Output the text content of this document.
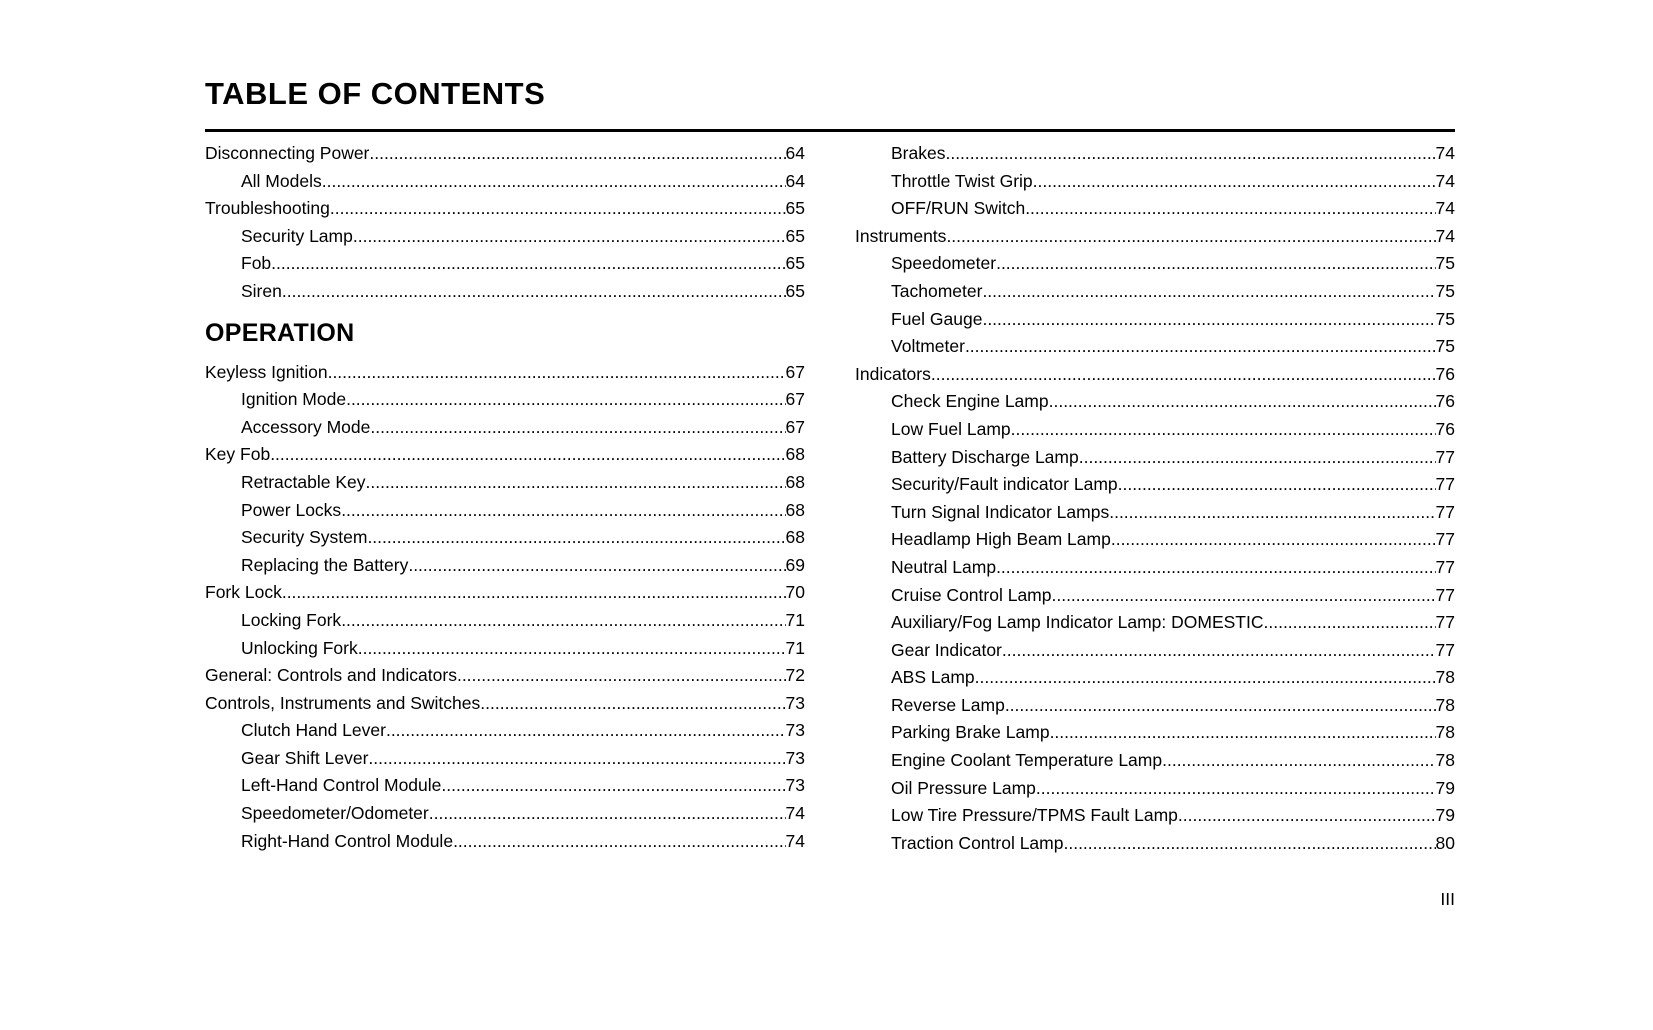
TABLE OF CONTENTS
Disconnecting Power .....	64
All Models .....	64
Troubleshooting .....	65
Security Lamp .....	65
Fob .....	65
Siren .....	65
OPERATION
Keyless Ignition .....	67
Ignition Mode .....	67
Accessory Mode .....	67
Key Fob .....	68
Retractable Key .....	68
Power Locks .....	68
Security System .....	68
Replacing the Battery .....	69
Fork Lock .....	70
Locking Fork .....	71
Unlocking Fork .....	71
General: Controls and Indicators .....	72
Controls, Instruments and Switches .....	73
Clutch Hand Lever .....	73
Gear Shift Lever .....	73
Left-Hand Control Module .....	73
Speedometer/Odometer .....	74
Right-Hand Control Module .....	74
Brakes .....	74
Throttle Twist Grip .....	74
OFF/RUN Switch .....	74
Instruments .....	74
Speedometer .....	75
Tachometer .....	75
Fuel Gauge .....	75
Voltmeter .....	75
Indicators .....	76
Check Engine Lamp .....	76
Low Fuel Lamp .....	76
Battery Discharge Lamp .....	77
Security/Fault indicator Lamp .....	77
Turn Signal Indicator Lamps .....	77
Headlamp High Beam Lamp .....	77
Neutral Lamp .....	77
Cruise Control Lamp .....	77
Auxiliary/Fog Lamp Indicator Lamp: DOMESTIC .....	77
Gear Indicator .....	77
ABS Lamp .....	78
Reverse Lamp .....	78
Parking Brake Lamp .....	78
Engine Coolant Temperature Lamp .....	78
Oil Pressure Lamp .....	79
Low Tire Pressure/TPMS Fault Lamp .....	79
Traction Control Lamp .....	80
III
